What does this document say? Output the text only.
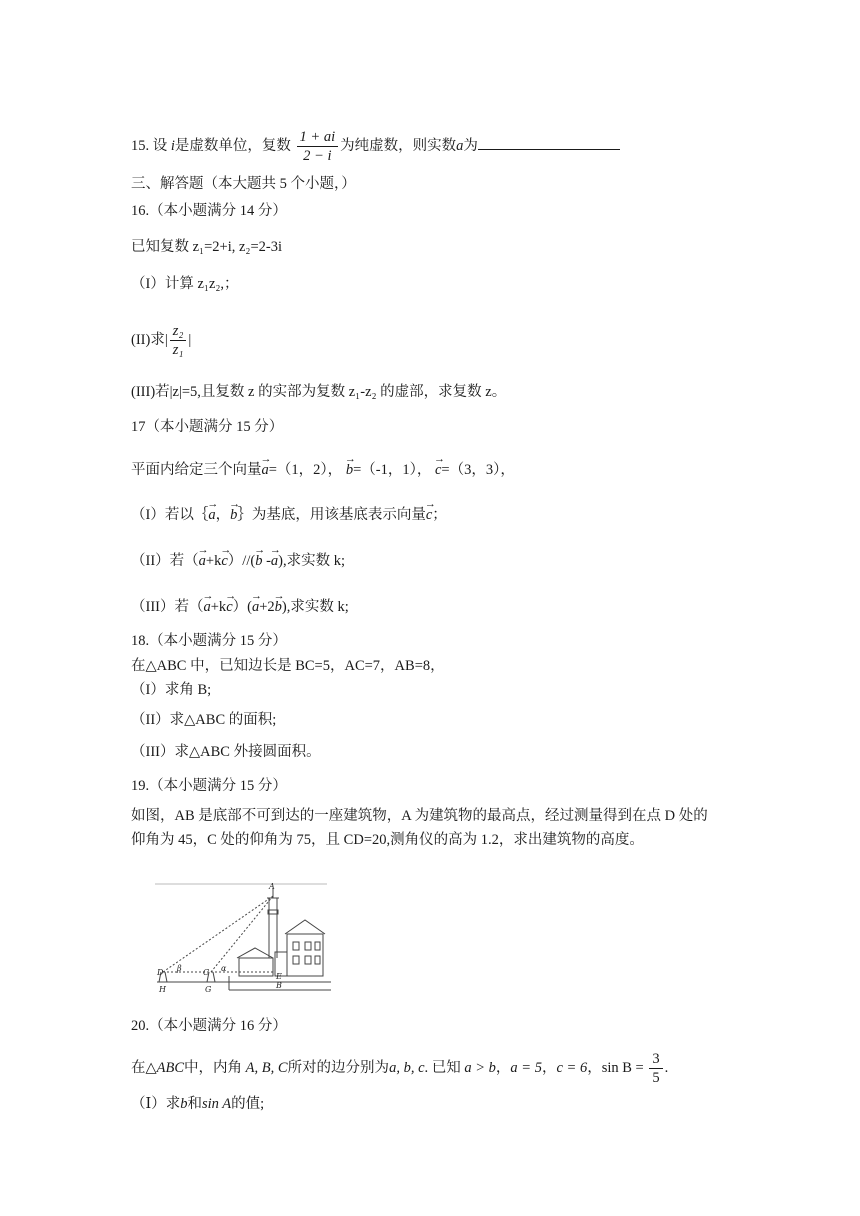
15. 设 i是虚数单位，复数 $\frac{1 + ai}{2 - i}$ 为纯虚数，则实数a为
三、解答题（本大题共 5 个小题，）
16.（本小题满分 14 分）
已知复数 z₁=2+i, z₂=2-3i
（I）计算 z₁z₂,；
(II)求| $\frac{\text{z₂}}{\text{z₁}}$ |
(III)若|z|=5,且复数 z 的实部为复数 z₁-z₂ 的虚部，求复数 z。
17（本小题满分 15 分）
平面内给定三个向量→ a=（1，2）， → b=（-1，1）， → c=（3，3），
（I）若以｛→ a，→ b｝为基底，用该基底表示向量→ c；
（II）若（→ a+k→ c）//(→ b -→ a),求实数 k;
（III）若（→ a+k→ c）(→ a+2→ b),求实数 k;
18.（本小题满分 15 分）
在△ABC 中，已知边长是 BC=5，AC=7，AB=8，
（I）求角 B;
（II）求△ABC 的面积;
（III）求△ABC 外接圆面积。
19.（本小题满分 15 分）
如图，AB 是底部不可到达的一座建筑物，A 为建筑物的最高点，经过测量得到在点 D 处的
仰角为 45，C 处的仰角为 75，且 CD=20,测角仪的高为 1.2，求出建筑物的高度。
A
B
C
D	E
G
H
β	α
20.（本小题满分 16 分）
在△ABC中，内角 A, B, C所对的边分别为a, b, c. 已知 a > b，a = 5，c = 6，$\sin B = \frac{3}{5}$ .
（Ⅰ）求b和sin A的值;
